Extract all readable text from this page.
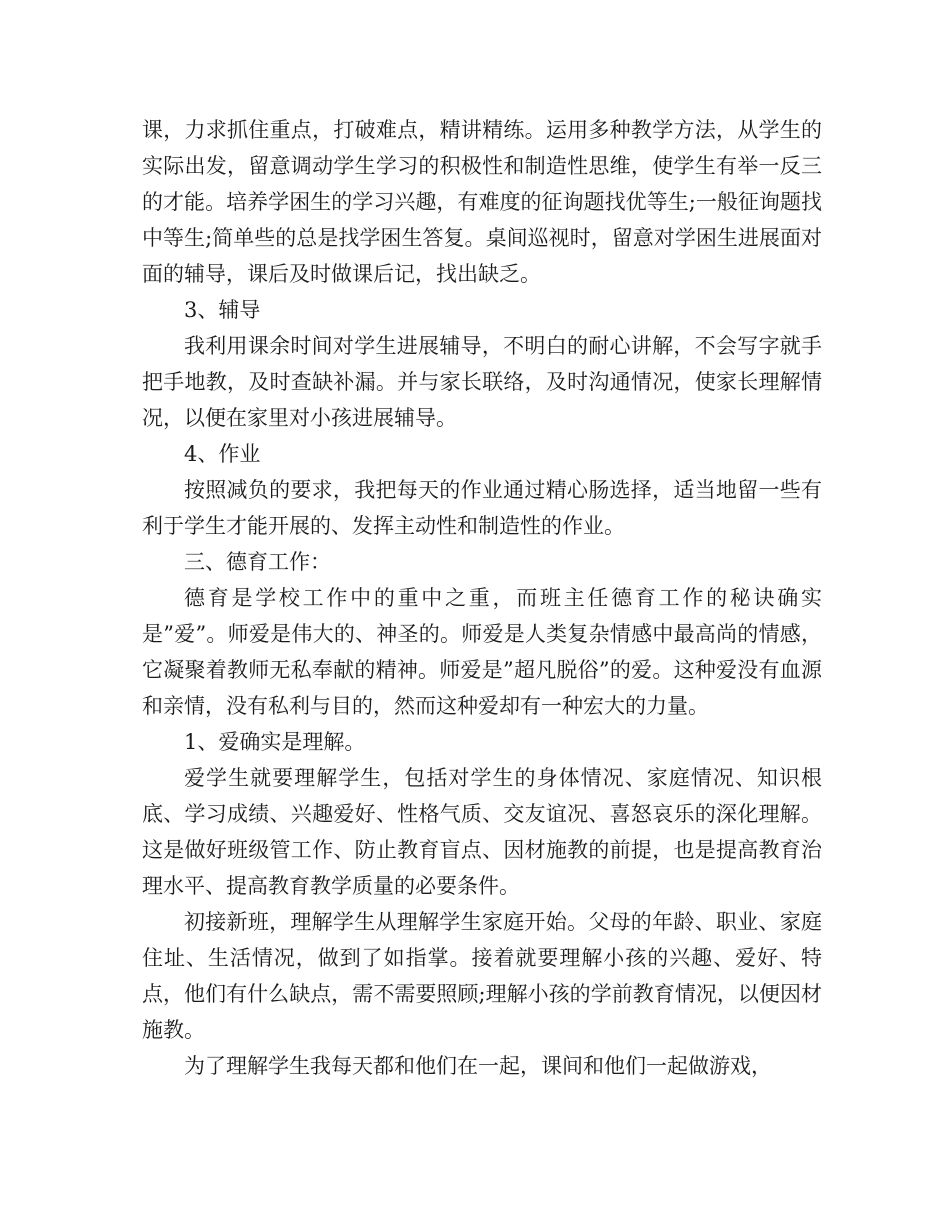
课，力求抓住重点，打破难点，精讲精练。运用多种教学方法，从学生的实际出发，留意调动学生学习的积极性和制造性思维，使学生有举一反三的才能。培养学困生的学习兴趣，有难度的征询题找优等生;一般征询题找中等生;简单些的总是找学困生答复。桌间巡视时，留意对学困生进展面对面的辅导，课后及时做课后记，找出缺乏。

3、辅导

我利用课余时间对学生进展辅导，不明白的耐心讲解，不会写字就手把手地教，及时查缺补漏。并与家长联络，及时沟通情况，使家长理解情况，以便在家里对小孩进展辅导。

4、作业

按照减负的要求，我把每天的作业通过精心肠选择，适当地留一些有利于学生才能开展的、发挥主动性和制造性的作业。

三、德育工作：

德育是学校工作中的重中之重，而班主任德育工作的秘诀确实是”爱”。师爱是伟大的、神圣的。师爱是人类复杂情感中最高尚的情感，它凝聚着教师无私奉献的精神。师爱是”超凡脱俗”的爱。这种爱没有血源和亲情，没有私利与目的，然而这种爱却有一种宏大的力量。

1、爱确实是理解。

爱学生就要理解学生，包括对学生的身体情况、家庭情况、知识根底、学习成绩、兴趣爱好、性格气质、交友谊况、喜怒哀乐的深化理解。这是做好班级管工作、防止教育盲点、因材施教的前提，也是提高教育治理水平、提高教育教学质量的必要条件。

初接新班，理解学生从理解学生家庭开始。父母的年龄、职业、家庭住址、生活情况，做到了如指掌。接着就要理解小孩的兴趣、爱好、特点，他们有什么缺点，需不需要照顾;理解小孩的学前教育情况，以便因材施教。

为了理解学生我每天都和他们在一起，课间和他们一起做游戏，
